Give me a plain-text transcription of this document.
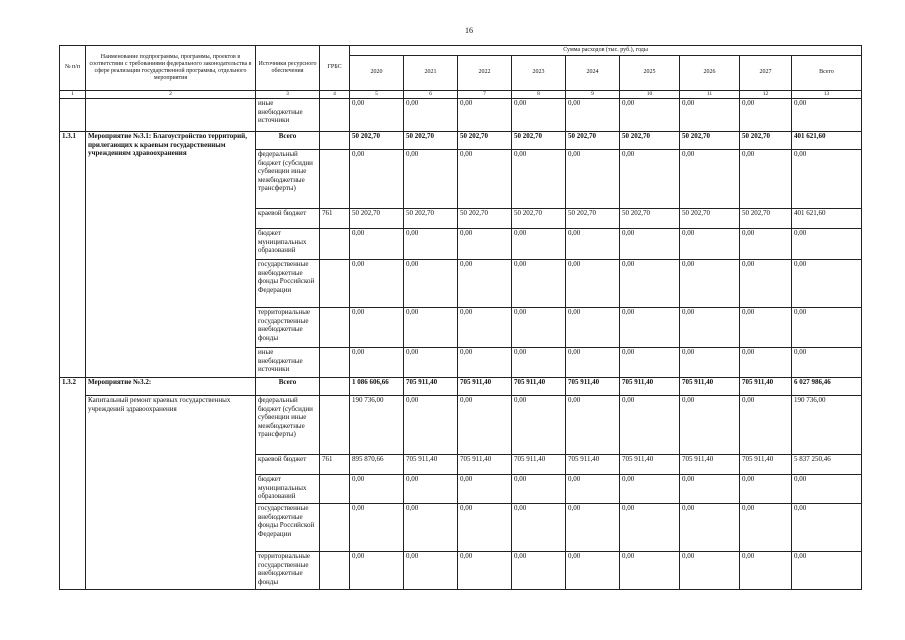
16
№ п/п	Наименование подпрограммы, программы, проектов в соответствии с требованиями федерального законодательства в сфере реализации государственной программы, отдельного мероприятия	Источники ресурсного обеспечения	ГРБС	Сумма расходов (тыс. руб.), годы								
				2020	2021	2022	2023	2024	2025	2026	2027	Всего
1	2	3	4	5	6	7	8	9	10	11	12	13
		иные внебюджетные источники		0,00	0,00	0,00	0,00	0,00	0,00	0,00	0,00	0,00
1.3.1	Мероприятие №3.1: Благоустройство территорий, прилегающих к краевым государственным учреждениям здравоохранения	Всего		50 202,70	50 202,70	50 202,70	50 202,70	50 202,70	50 202,70	50 202,70	50 202,70	401 621,60
		федеральный бюджет (субсидии субвенции иные межбюджетные трансферты)		0,00	0,00	0,00	0,00	0,00	0,00	0,00	0,00	0,00
		краевой бюджет	761	50 202,70	50 202,70	50 202,70	50 202,70	50 202,70	50 202,70	50 202,70	50 202,70	401 621,60
		бюджет муниципальных образований		0,00	0,00	0,00	0,00	0,00	0,00	0,00	0,00	0,00
		государственные внебюджетные фонды Российской Федерации		0,00	0,00	0,00	0,00	0,00	0,00	0,00	0,00	0,00
		территориальные государственные внебюджетные фонды		0,00	0,00	0,00	0,00	0,00	0,00	0,00	0,00	0,00
		иные внебюджетные источники		0,00	0,00	0,00	0,00	0,00	0,00	0,00	0,00	0,00
1.3.2	Мероприятие №3.2:	Всего		1 086 606,66	705 911,40	705 911,40	705 911,40	705 911,40	705 911,40	705 911,40	705 911,40	6 027 986,46
	Капитальный ремонт краевых государственных учреждений здравоохранения	федеральный бюджет (субсидии субвенции иные межбюджетные трансферты)		190 736,00	0,00	0,00	0,00	0,00	0,00	0,00	0,00	190 736,00
		краевой бюджет	761	895 870,66	705 911,40	705 911,40	705 911,40	705 911,40	705 911,40	705 911,40	705 911,40	5 837 250,46
		бюджет муниципальных образований		0,00	0,00	0,00	0,00	0,00	0,00	0,00	0,00	0,00
		государственные внебюджетные фонды Российской Федерации		0,00	0,00	0,00	0,00	0,00	0,00	0,00	0,00	0,00
		территориальные государственные внебюджетные фонды		0,00	0,00	0,00	0,00	0,00	0,00	0,00	0,00	0,00
